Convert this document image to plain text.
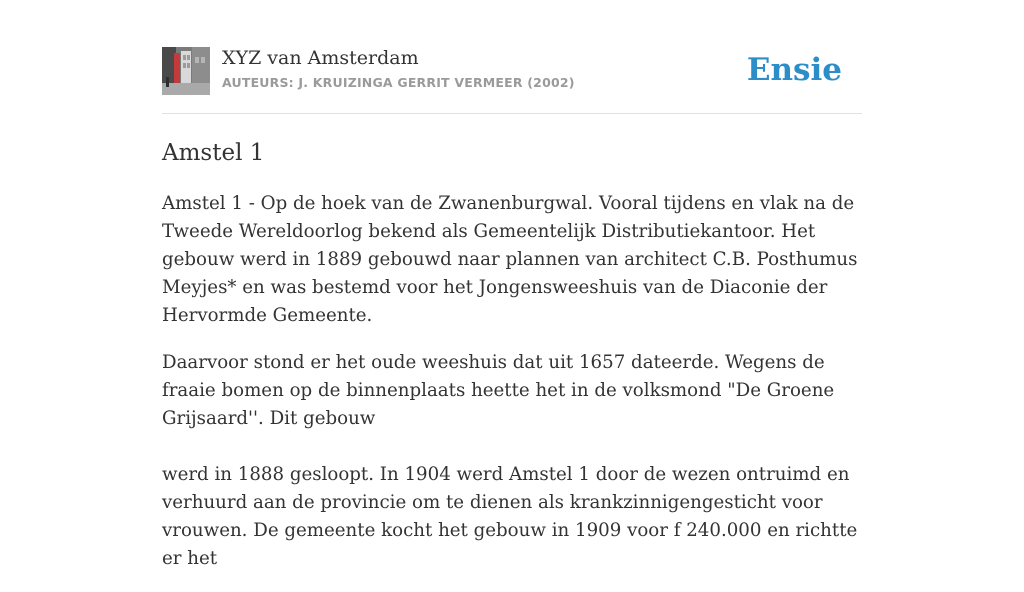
XYZ van Amsterdam
AUTEURS: J. KRUIZINGA GERRIT VERMEER (2002)	Ensie
Amstel 1

Amstel 1 - Op de hoek van de Zwanenburgwal. Vooral tijdens en vlak na de Tweede Wereldoorlog bekend als Gemeentelijk Distributiekantoor. Het gebouw werd in 1889 gebouwd naar plannen van architect C.B. Posthumus Meyjes* en was bestemd voor het Jongensweeshuis van de Diaconie der Hervormde Gemeente.

Daarvoor stond er het oude weeshuis dat uit 1657 dateerde. Wegens de fraaie bomen op de binnenplaats heette het in de volksmond "De Groene Grijsaard''. Dit gebouw

werd in 1888 gesloopt. In 1904 werd Amstel 1 door de wezen ontruimd en verhuurd aan de provincie om te dienen als krankzinnigengesticht voor vrouwen. De gemeente kocht het gebouw in 1909 voor f 240.000 en richtte er het
